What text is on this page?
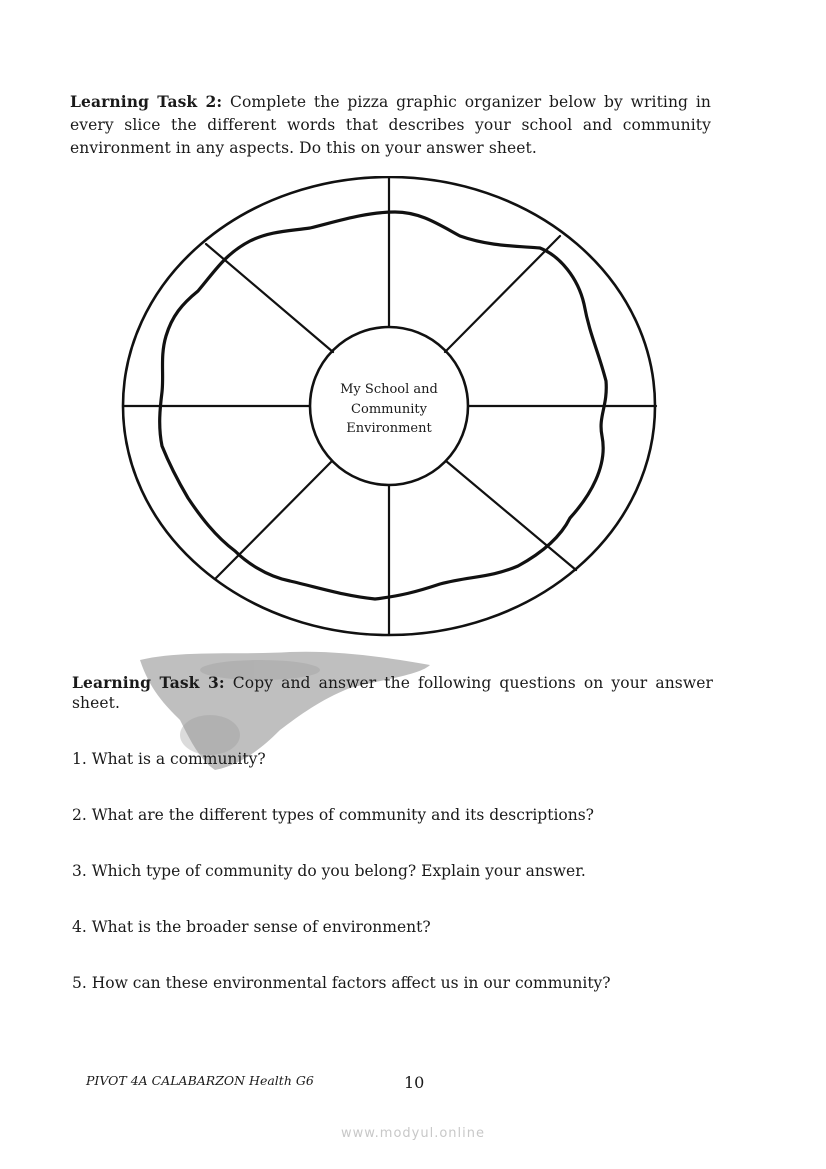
Learning Task 2: Complete the pizza graphic organizer below by writing in every slice the different words that describes your school and community environment in any aspects. Do this on your answer sheet.
My School and
Community
Environment
Learning Task 3: Copy and answer the following questions on your answer sheet.
1. What is a community?
2. What are the different types of community and its descriptions?
3. Which type of community do you belong? Explain your answer.
4. What is the broader sense of environment?
5. How can these environmental factors affect us in our community?
PIVOT 4A CALABARZON Health G6	10
www.modyul.online
